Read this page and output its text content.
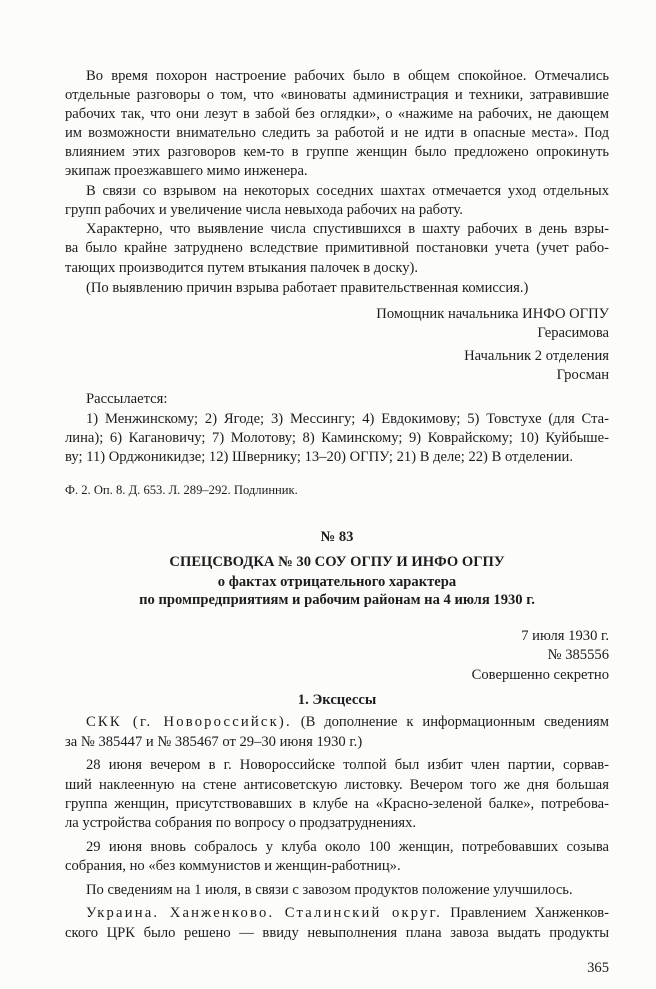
Во время похорон настроение рабочих было в общем спокойное. Отмечались
отдельные разговоры о том, что «виноваты администрация и техники, затравившие
рабочих так, что они лезут в забой без оглядки», о «нажиме на рабочих, не дающем
им возможности внимательно следить за работой и не идти в опасные места». Под
влиянием этих разговоров кем-то в группе женщин было предложено опрокинуть
экипаж проезжавшего мимо инженера.
В связи со взрывом на некоторых соседних шахтах отмечается уход отдельных
групп рабочих и увеличение числа невыхода рабочих на работу.
Характерно, что выявление числа спустившихся в шахту рабочих в день взры-
ва было крайне затруднено вследствие примитивной постановки учета (учет рабо-
тающих производится путем втыкания палочек в доску).
(По выявлению причин взрыва работает правительственная комиссия.)
Помощник начальника ИНФО ОГПУ
Герасимова
Начальник 2 отделения
Гросман
Рассылается:
1) Менжинскому; 2) Ягоде; 3) Мессингу; 4) Евдокимову; 5) Товстухе (для Ста-
лина); 6) Кагановичу; 7) Молотову; 8) Каминскому; 9) Коврайскому; 10) Куйбыше-
ву; 11) Орджоникидзе; 12) Швернику; 13–20) ОГПУ; 21) В деле; 22) В отделении.
Ф. 2. Оп. 8. Д. 653. Л. 289–292. Подлинник.
№ 83
СПЕЦСВОДКА № 30 СОУ ОГПУ И ИНФО ОГПУ
о фактах отрицательного характера
по промпредприятиям и рабочим районам на 4 июля 1930 г.
7 июля 1930 г.
№ 385556
Совершенно секретно
1. Эксцессы
СКК (г. Новороссийск). (В дополнение к информационным сведениям
за № 385447 и № 385467 от 29–30 июня 1930 г.)
28 июня вечером в г. Новороссийске толпой был избит член партии, сорвав-
ший наклеенную на стене антисоветскую листовку. Вечером того же дня большая
группа женщин, присутствовавших в клубе на «Красно-зеленой балке», потребова-
ла устройства собрания по вопросу о продзатруднениях.
29 июня вновь собралось у клуба около 100 женщин, потребовавших созыва
собрания, но «без коммунистов и женщин-работниц».
По сведениям на 1 июля, в связи с завозом продуктов положение улучшилось.
Украина. Ханженково. Сталинский округ. Правлением Ханженков-
ского ЦРК было решено — ввиду невыполнения плана завоза выдать продукты
365
